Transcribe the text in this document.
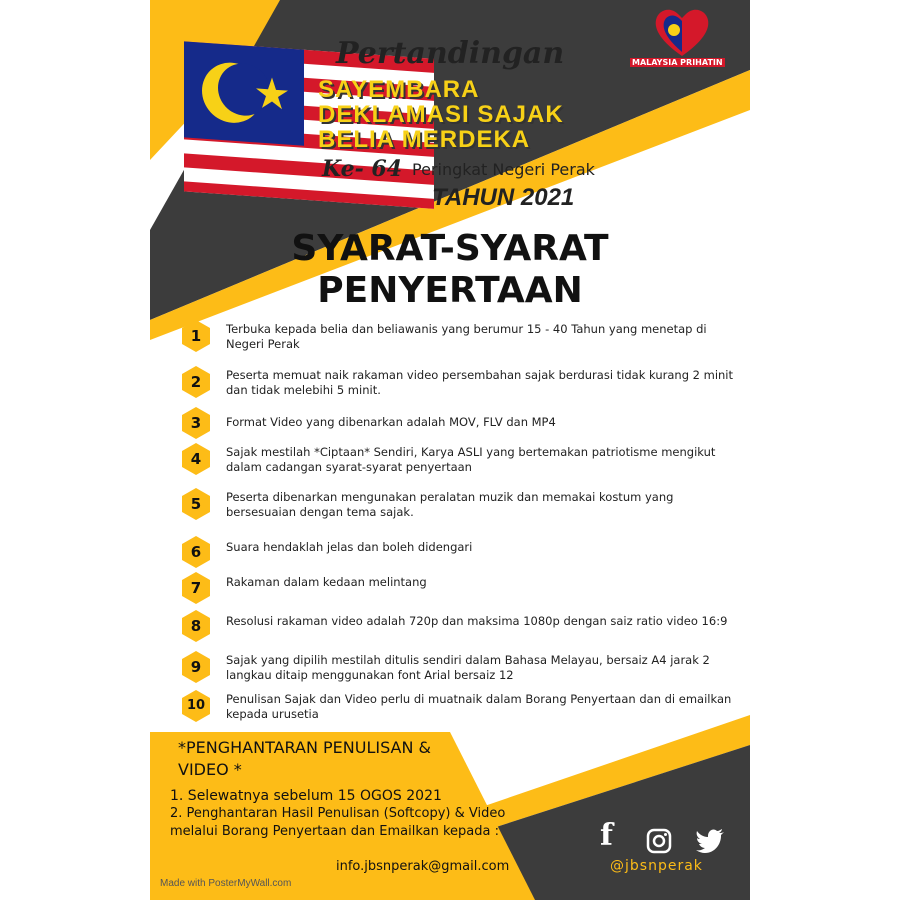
Pertandingan
SAYEMBARA
DEKLAMASI SAJAK
BELIA MERDEKA
Ke- 64 Peringkat Negeri Perak
TAHUN 2021
MALAYSIA PRIHATIN
SYARAT-SYARAT
PENYERTAAN
1	Terbuka kepada belia dan beliawanis yang berumur 15 - 40 Tahun yang menetap di Negeri Perak
2	Peserta memuat naik rakaman video persembahan sajak berdurasi tidak kurang 2 minit dan tidak melebihi 5 minit.
3	Format Video yang dibenarkan adalah MOV, FLV dan MP4
4	Sajak mestilah *Ciptaan* Sendiri, Karya ASLI yang bertemakan patriotisme mengikut dalam cadangan syarat-syarat penyertaan
5	Peserta dibenarkan mengunakan peralatan muzik dan memakai kostum yang bersesuaian dengan tema sajak.
6	Suara hendaklah jelas dan boleh didengari
7	Rakaman dalam kedaan melintang
8	Resolusi rakaman video adalah 720p dan maksima 1080p dengan saiz ratio video 16:9
9	Sajak yang dipilih mestilah ditulis sendiri dalam Bahasa Melayau, bersaiz A4 jarak 2 langkau ditaip menggunakan font Arial bersaiz 12
10	Penulisan Sajak dan Video perlu di muatnaik dalam Borang Penyertaan dan di emailkan kepada urusetia
*PENGHANTARAN PENULISAN &
VIDEO *
1. Selewatnya sebelum 15 OGOS 2021
2. Penghantaran Hasil Penulisan (Softcopy) & Video
melalui Borang Penyertaan dan Emailkan kepada :
info.jbsnperak@gmail.com
f
@jbsnperak
Made with PosterMyWall.com
